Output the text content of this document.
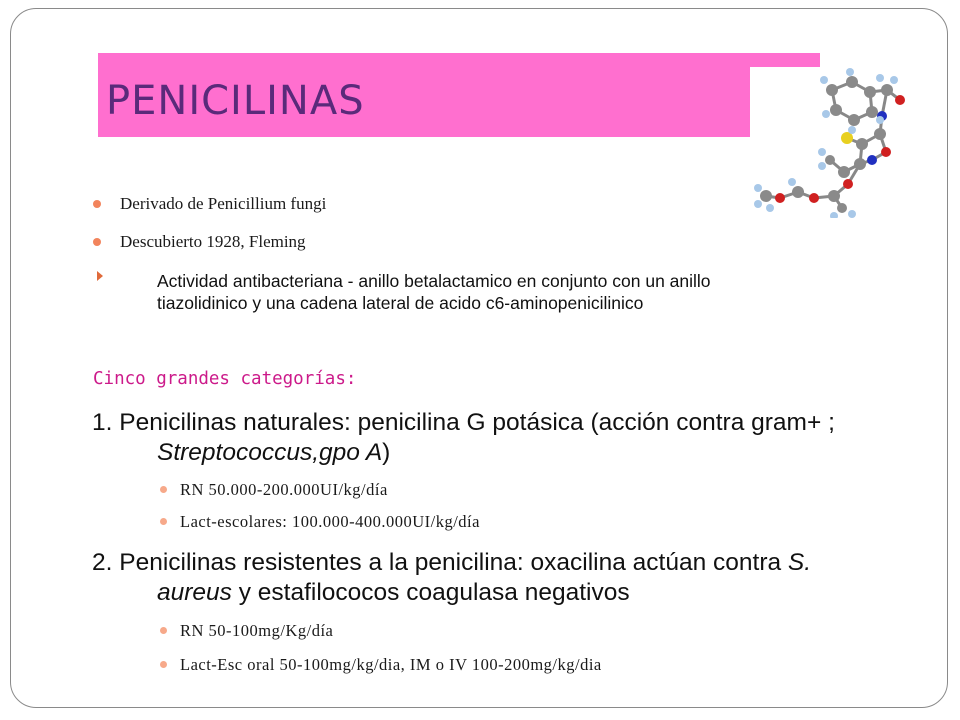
PENICILINAS
Derivado de Penicillium fungi
Descubierto 1928, Fleming
Actividad antibacteriana - anillo betalactamico en conjunto con un anillo
tiazolidinico y una cadena lateral de acido c6-aminopenicilinico
Cinco grandes categorías:
1. Penicilinas naturales: penicilina G potásica (acción contra gram+ ;
Streptococcus,gpo A)
RN 50.000-200.000UI/kg/día
Lact-escolares: 100.000-400.000UI/kg/día
2. Penicilinas resistentes a la penicilina: oxacilina actúan contra S.
aureus y estafilococos coagulasa negativos
RN 50-100mg/Kg/día
Lact-Esc oral 50-100mg/kg/dia, IM o IV 100-200mg/kg/dia
